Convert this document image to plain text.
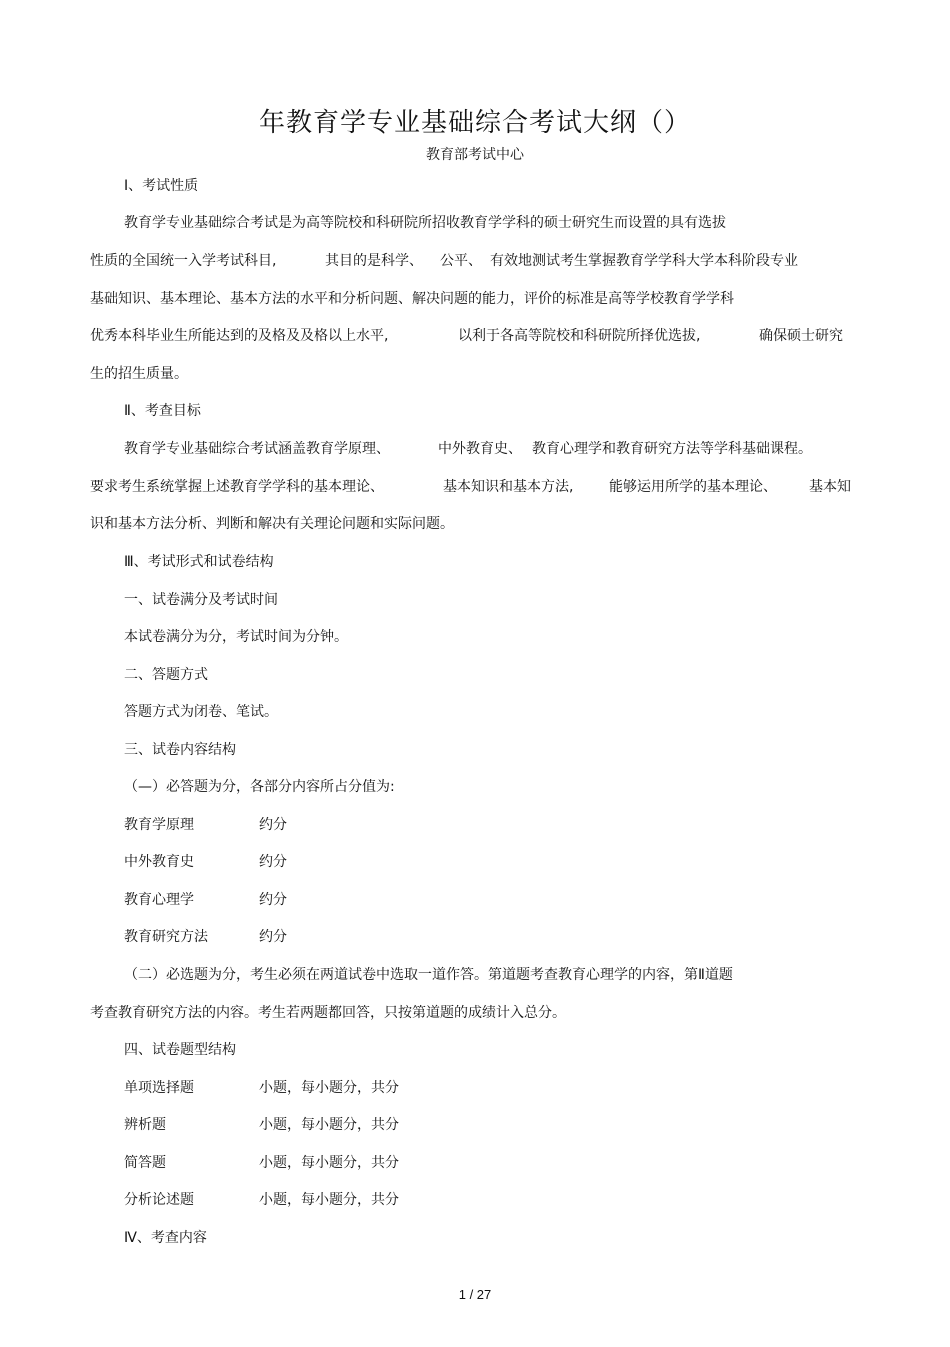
年教育学专业基础综合考试大纲（）
教育部考试中心
Ⅰ、考试性质
教育学专业基础综合考试是为高等院校和科研院所招收教育学学科的硕士研究生而设置的具有选拔
性质的全国统一入学考试科目,	其目的是科学、 公平、 有效地测试考生掌握教育学学科大学本科阶段专业
基础知识、基本理论、基本方法的水平和分析问题、解决问题的能力，评价的标准是高等学校教育学学科
优秀本科毕业生所能达到的及格及及格以上水平,	以利于各高等院校和科研院所择优选拔,	确保硕士研究
生的招生质量。
Ⅱ、考查目标
教育学专业基础综合考试涵盖教育学原理、	中外教育史、 教育心理学和教育研究方法等学科基础课程。
要求考生系统掌握上述教育学学科的基本理论、	基本知识和基本方法,	能够运用所学的基本理论、 基本知
识和基本方法分析、判断和解决有关理论问题和实际问题。
Ⅲ、考试形式和试卷结构
一、试卷满分及考试时间
本试卷满分为分，考试时间为分钟。
二、答题方式
答题方式为闭卷、笔试。
三、试卷内容结构
（—）必答题为分，各部分内容所占分值为:
教育学原理	约分
中外教育史	约分
教育心理学	约分
教育研究方法	约分
（二）必选题为分，考生必须在两道试卷中选取一道作答。第道题考查教育心理学的内容，第Ⅱ道题
考查教育研究方法的内容。考生若两题都回答，只按第道题的成绩计入总分。
四、试卷题型结构
单项选择题	小题，每小题分，共分
辨析题	小题，每小题分，共分
简答题	小题，每小题分，共分
分析论述题	小题，每小题分，共分
Ⅳ、考查内容
1 / 27
